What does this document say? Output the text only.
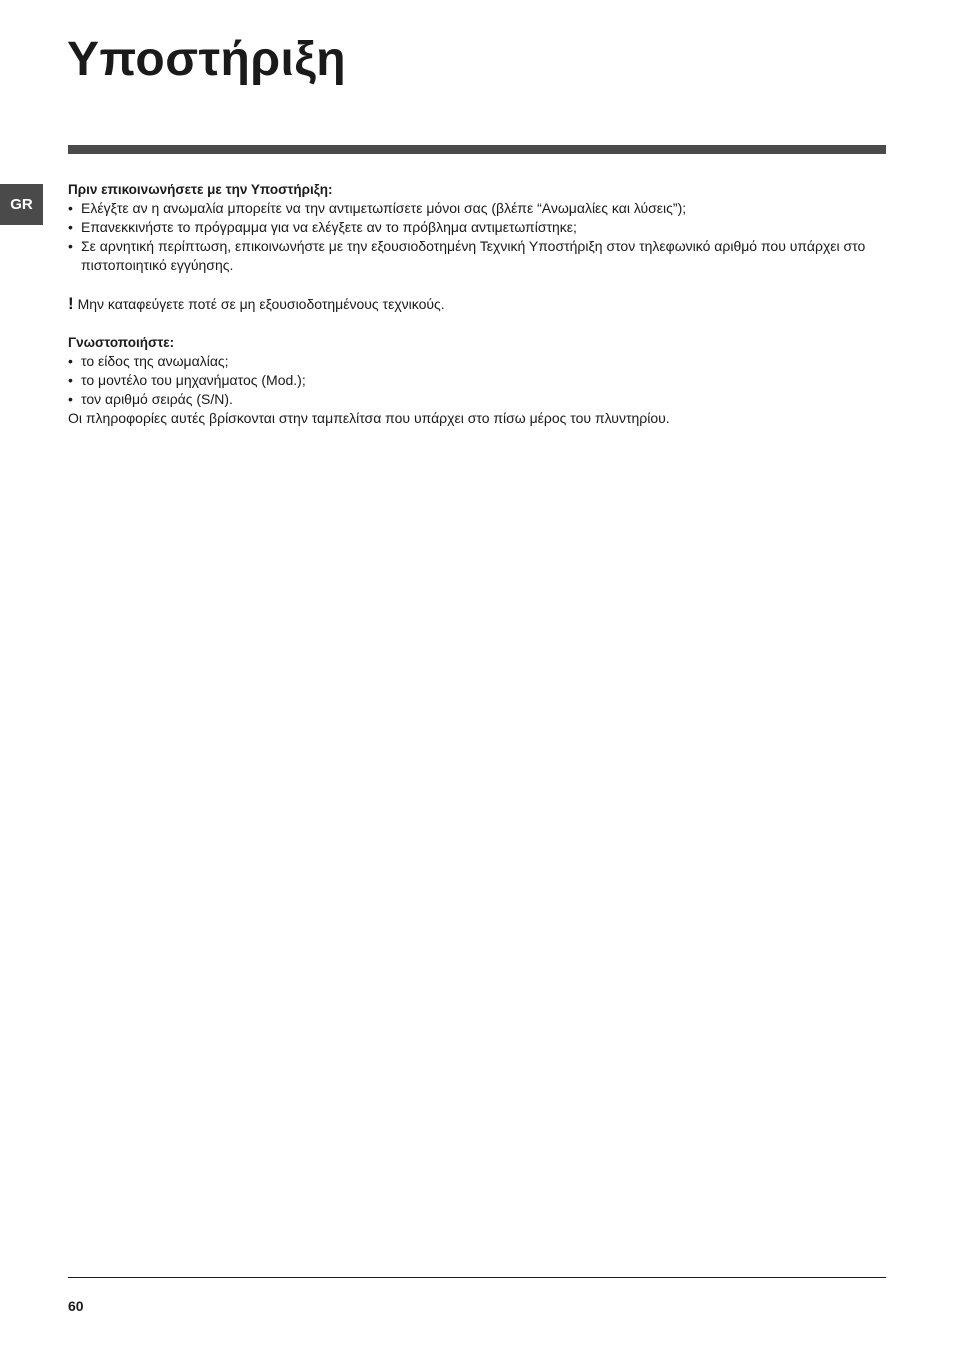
Υποστήριξη
GR

Πριν επικοινωνήσετε με την Υποστήριξη:

• Ελέγξτε αν η ανωμαλία μπορείτε να την αντιμετωπίσετε μόνοι σας (βλέπε “Ανωμαλίες και λύσεις”);
• Επανεκκινήστε το πρόγραμμα για να ελέγξετε αν το πρόβλημα αντιμετωπίστηκε;
• Σε αρνητική περίπτωση, επικοινωνήστε με την εξουσιοδοτημένη Τεχνική Υποστήριξη στον τηλεφωνικό αριθμό που υπάρχει στο πιστοποιητικό εγγύησης.

! Μην καταφεύγετε ποτέ σε μη εξουσιοδοτημένους τεχνικούς.

Γνωστοποιήστε:

• το είδος της ανωμαλίας;
• το μοντέλο του μηχανήματος (Mod.);
• τον αριθμό σειράς (S/N).

Οι πληροφορίες αυτές βρίσκονται στην ταμπελίτσα που υπάρχει στο πίσω μέρος του πλυντηρίου.

60
